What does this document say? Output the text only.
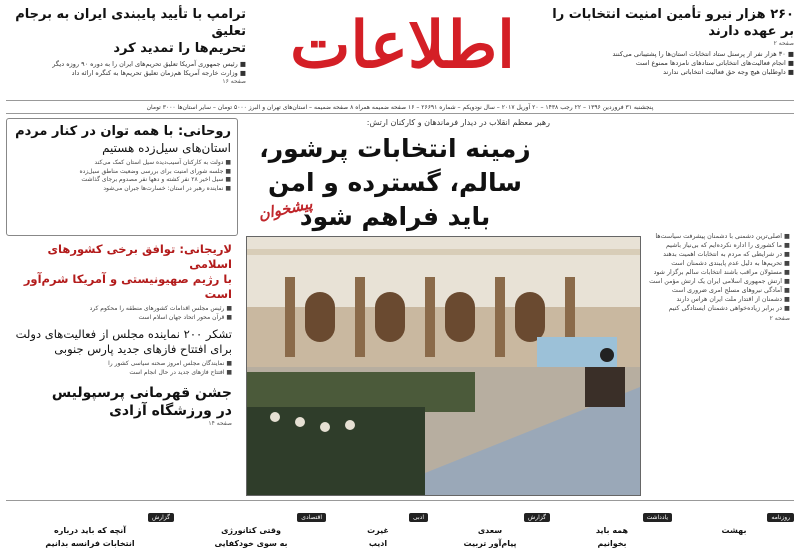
ترامپ با تأیید پایبندی ایران به برجام تعلیق
تحریم‌ها را تمدید کرد
■ رئیس جمهوری آمریکا تعلیق تحریم‌های ایران را به دوره ۹۰ روزه دیگر
■ وزارت خارجه آمریکا هم‌زمان تعلیق تحریم‌ها به کنگره ارائه داد
صفحه ۱۶ اطلاعات	۲۶۰ هزار نیرو تأمین امنیت انتخابات را
بر عهده دارند
صفحه ۲
■ ۳۰ هزار نفر از پرسنل ستاد انتخابات استان‌ها را پشتیبانی می‌کنند
■ انجام فعالیت‌های انتخاباتی ستادهای نامزدها ممنوع است
■ داوطلبان هیچ وجه حق فعالیت انتخاباتی ندارند
پنجشنبه ۳۱ فروردین ۱۳۹۶ – ۲۲ رجب ۱۴۳۸ – ۲۰ آوریل ۲۰۱۷ – سال نودویکم – شماره ۲۶۶۹۱ – ۱۶ صفحه ضمیمه همراه ۸ صفحه ضمیمه – استان‌های تهران و البرز ۵۰۰۰ تومان – سایر استان‌ها ۳۰۰۰ تومان
روحانی: با همه توان در کنار مردم
استان‌های سیل‌زده هستیم
■ دولت به کارکنان آسیب‌دیده سیل استان کمک می‌کند
■ جلسه شورای امنیت برای بررسی وضعیت مناطق سیل‌زده
■ سیل اخیر ۲۸ نفر کشته و دهها نفر مصدوم برجای گذاشت
■ نماینده رهبر در استان: خسارت‌ها جبران می‌شود
لاریجانی: توافق برخی کشورهای اسلامی
با رژیم صهیونیستی و آمریکا شرم‌آور است
■ رئیس مجلس اقدامات کشورهای منطقه را محکوم کرد
■ قرآن محور اتحاد جهان اسلام است
تشکر ۲۰۰ نماینده مجلس از فعالیت‌های دولت
برای افتتاح فازهای جدید پارس جنوبی
■ نمایندگان مجلس امروز صحنه سیاسی کشور را
■ افتتاح فازهای جدید در حال انجام است
جشن قهرمانی پرسپولیس
در ورزشگاه آزادی
صفحه ۱۴
رهبر معظم انقلاب در دیدار فرماندهان و کارکنان ارتش:
زمینه انتخابات پرشور، سالم، گسترده و امن
باید فراهم شود
پیشخوان
■ اصلی‌ترین دشمنی با دشمنان پیشرفت سیاست‌ها
■ ما کشوری را اداره نکرده‌ایم که بی‌نیاز باشیم
■ در شرایطی که مردم به انتخابات اهمیت بدهند
■ تحریم‌ها به دلیل عدم پایبندی دشمنان است
■ مسئولان مراقب باشند انتخابات سالم برگزار شود
■ ارتش جمهوری اسلامی ایران یک ارتش مؤمن است
■ آمادگی نیروهای مسلح امری ضروری است
■ دشمنان از اقتدار ملت ایران هراس دارند
■ در برابر زیاده‌خواهی دشمنان ایستادگی کنیم
صفحه ۲
روزنامه
بهشت
یادداشت
همه باید
بخوانیم
گزارش
سعدی
پیام‌آور تربیت
ادبی
غیرت
ادیب
اقتصادی
وقتی کتانورژی
به سوی خودکفایی
گزارش
آنچه که باید درباره
انتخابات فرانسه بدانیم
